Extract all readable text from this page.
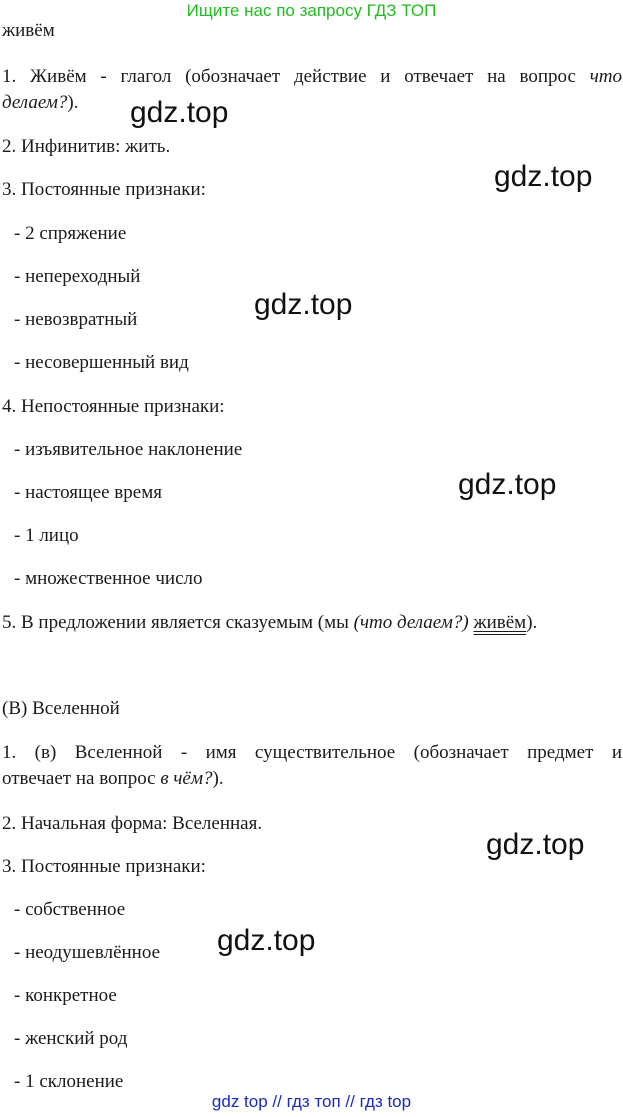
Ищите нас по запросу ГДЗ ТОП
живём
1. Живём - глагол (обозначает действие и отвечает на вопрос что
делаем?).
2. Инфинитив: жить.
3. Постоянные признаки:
- 2 спряжение
- непереходный
- невозвратный
- несовершенный вид
4. Непостоянные признаки:
- изъявительное наклонение
- настоящее время
- 1 лицо
- множественное число
5. В предложении является сказуемым (мы (что делаем?) живём).
(В) Вселенной
1. (в) Вселенной - имя существительное (обозначает предмет и
отвечает на вопрос в чём?).
2. Начальная форма: Вселенная.
3. Постоянные признаки:
- собственное
- неодушевлённое
- конкретное
- женский род
- 1 склонение
gdz.top
gdz.top
gdz.top
gdz.top
gdz.top
gdz.top
gdz top // гдз топ // гдз top
